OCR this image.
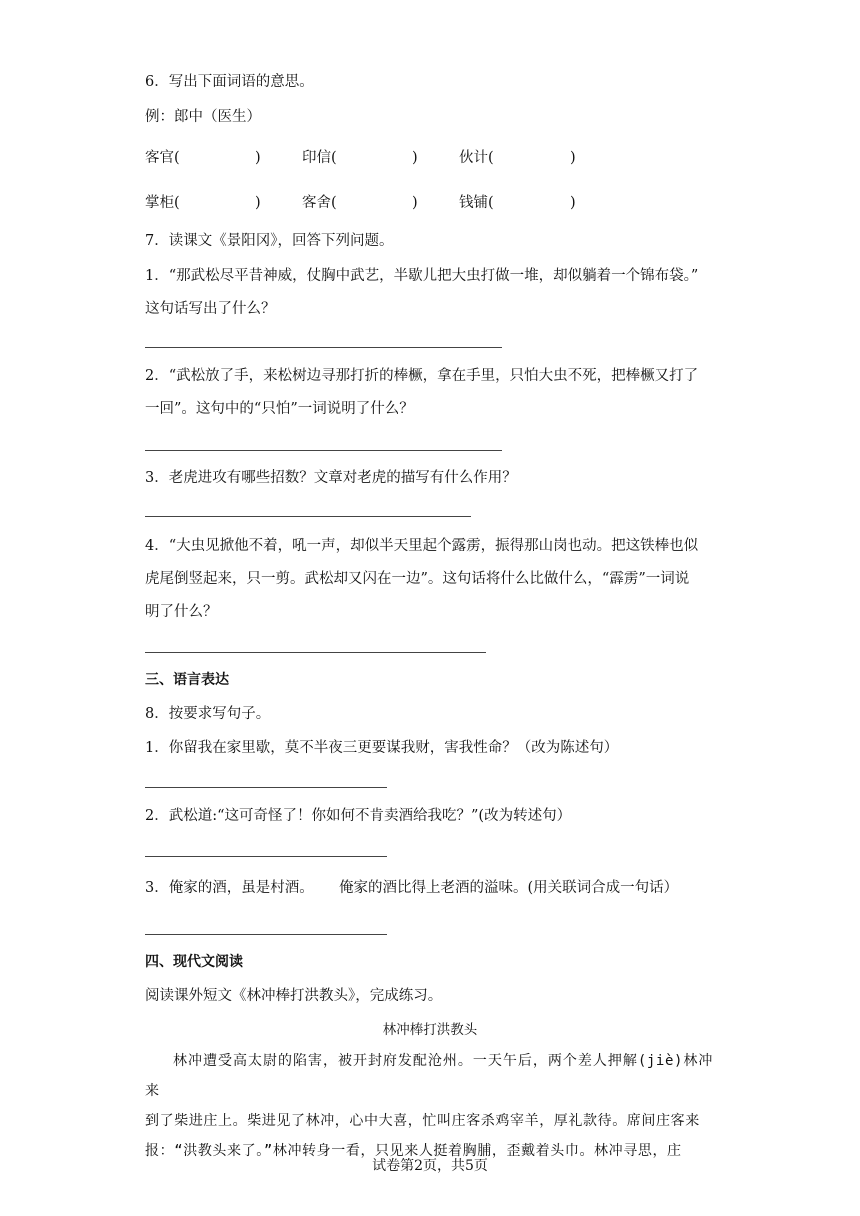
6．写出下面词语的意思。
例：郎中（医生）
客官(	)	印信(	)	伙计(	)
掌柜(	)	客舍(	)	钱铺(	)
7．读课文《景阳冈》，回答下列问题。
1．“那武松尽平昔神威，仗胸中武艺，半歇儿把大虫打做一堆，却似躺着一个锦布袋。”
这句话写出了什么？
2．“武松放了手，来松树边寻那打折的棒橛，拿在手里，只怕大虫不死，把棒橛又打了
一回”。这句中的“只怕”一词说明了什么？
3．老虎进攻有哪些招数？文章对老虎的描写有什么作用？
4．“大虫见掀他不着，吼一声，却似半天里起个露雳，振得那山岗也动。把这铁棒也似
虎尾倒竖起来，只一剪。武松却又闪在一边”。这句话将什么比做什么，“霹雳”一词说
明了什么？
三、语言表达
8．按要求写句子。
1．你留我在家里歇，莫不半夜三更要谋我财，害我性命？（改为陈述句）
2．武松道:“这可奇怪了！你如何不肯卖酒给我吃？”(改为转述句）
3．俺家的酒，虽是村酒。 俺家的酒比得上老酒的溢味。(用关联词合成一句话）
四、现代文阅读
阅读课外短文《林冲棒打洪教头》，完成练习。
林冲棒打洪教头

林冲遭受高太尉的陷害，被开封府发配沧州。一天午后，两个差人押解(jiè)林冲来

到了柴进庄上。柴进见了林冲，心中大喜，忙叫庄客杀鸡宰羊，厚礼款待。席间庄客来

报：“洪教头来了。”林冲转身一看，只见来人挺着胸脯，歪戴着头巾。林冲寻思，庄

试卷第2页，共5页
